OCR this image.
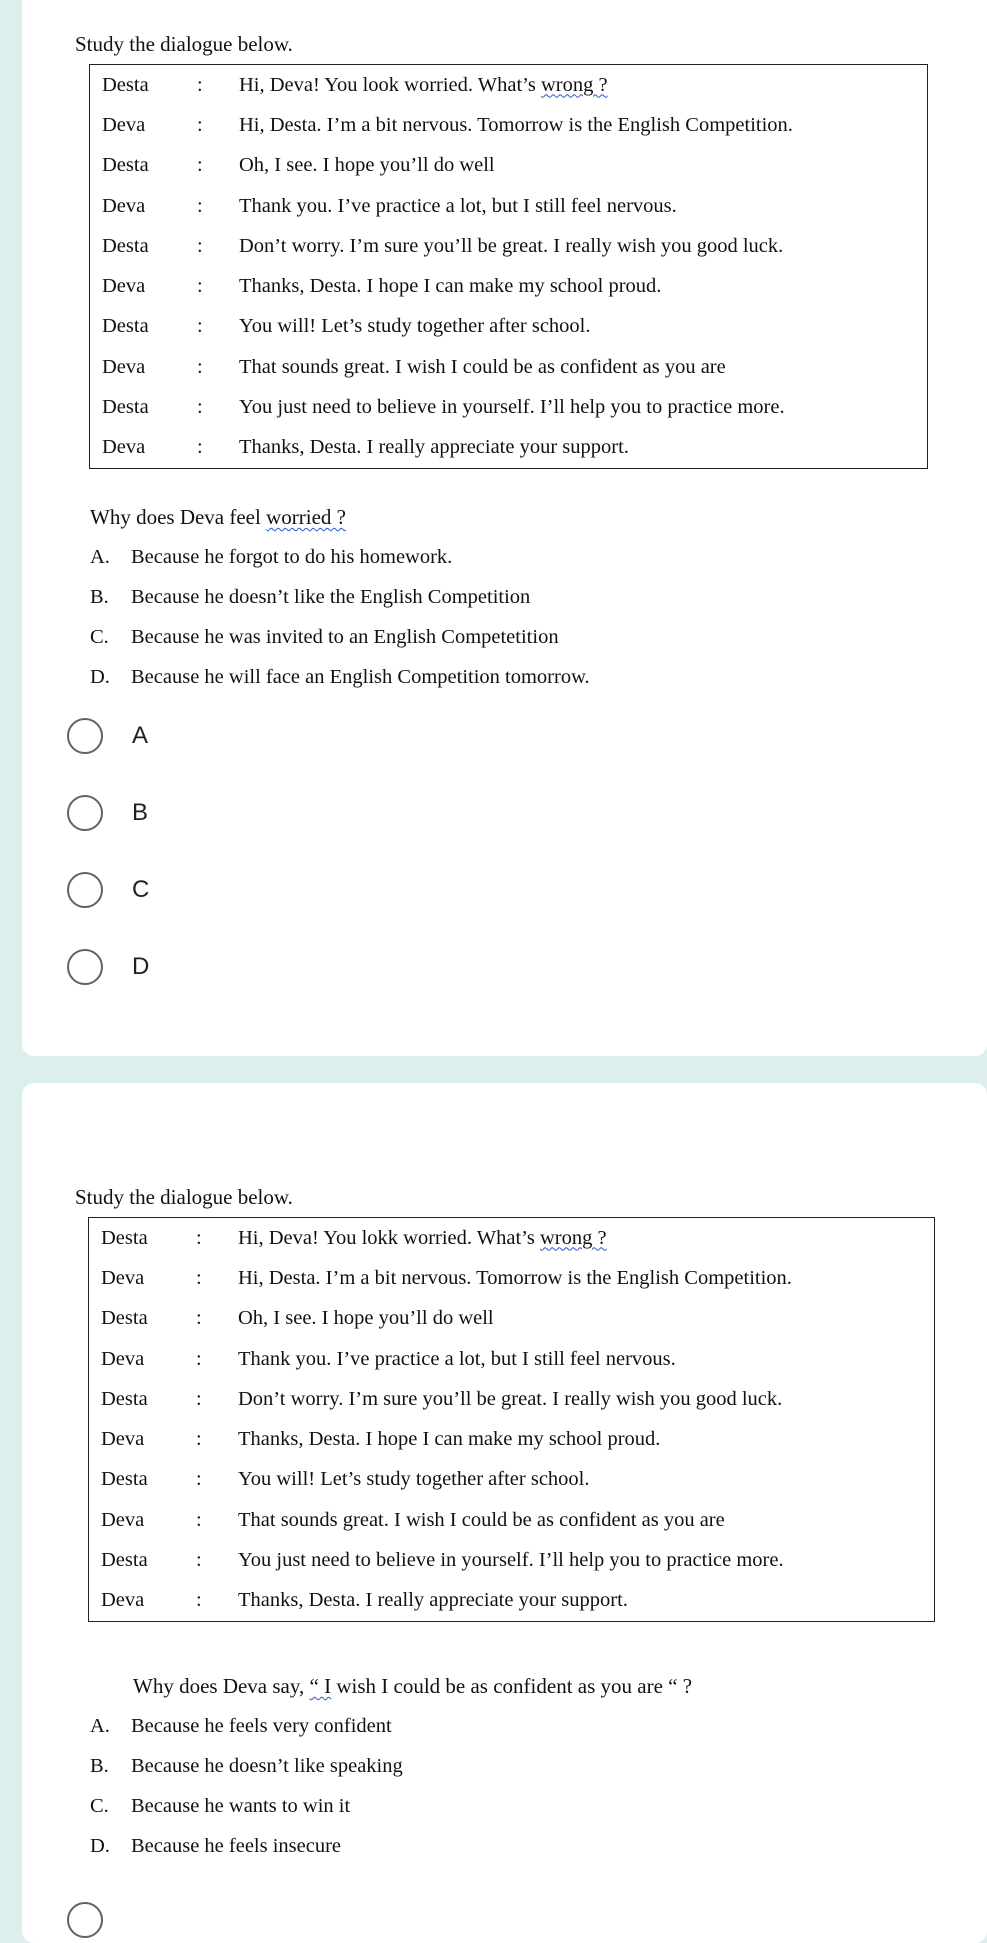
Study the dialogue below.
Desta	:	Hi, Deva! You look worried. What’s wrong ?
Deva	:	Hi, Desta. I’m a bit nervous. Tomorrow is the English Competition.
Desta	:	Oh, I see. I hope you’ll do well
Deva	:	Thank you. I’ve practice a lot, but I still feel nervous.
Desta	:	Don’t worry. I’m sure you’ll be great. I really wish you good luck.
Deva	:	Thanks, Desta. I hope I can make my school proud.
Desta	:	You will! Let’s study together after school.
Deva	:	That sounds great. I wish I could be as confident as you are
Desta	:	You just need to believe in yourself. I’ll help you to practice more.
Deva	:	Thanks, Desta. I really appreciate your support.
Why does Deva feel worried ?
A.	Because he forgot to do his homework.
B.	Because he doesn’t like the English Competition
C.	Because he was invited to an English Competetition
D.	Because he will face an English Competition tomorrow.
A
B
C
D
Study the dialogue below.
Desta	:	Hi, Deva! You lokk worried. What’s wrong ?
Deva	:	Hi, Desta. I’m a bit nervous. Tomorrow is the English Competition.
Desta	:	Oh, I see. I hope you’ll do well
Deva	:	Thank you. I’ve practice a lot, but I still feel nervous.
Desta	:	Don’t worry. I’m sure you’ll be great. I really wish you good luck.
Deva	:	Thanks, Desta. I hope I can make my school proud.
Desta	:	You will! Let’s study together after school.
Deva	:	That sounds great. I wish I could be as confident as you are
Desta	:	You just need to believe in yourself. I’ll help you to practice more.
Deva	:	Thanks, Desta. I really appreciate your support.
Why does Deva say, “ I wish I could be as confident as you are “ ?
A.	Because he feels very confident
B.	Because he doesn’t like speaking
C.	Because he wants to win it
D.	Because he feels insecure
